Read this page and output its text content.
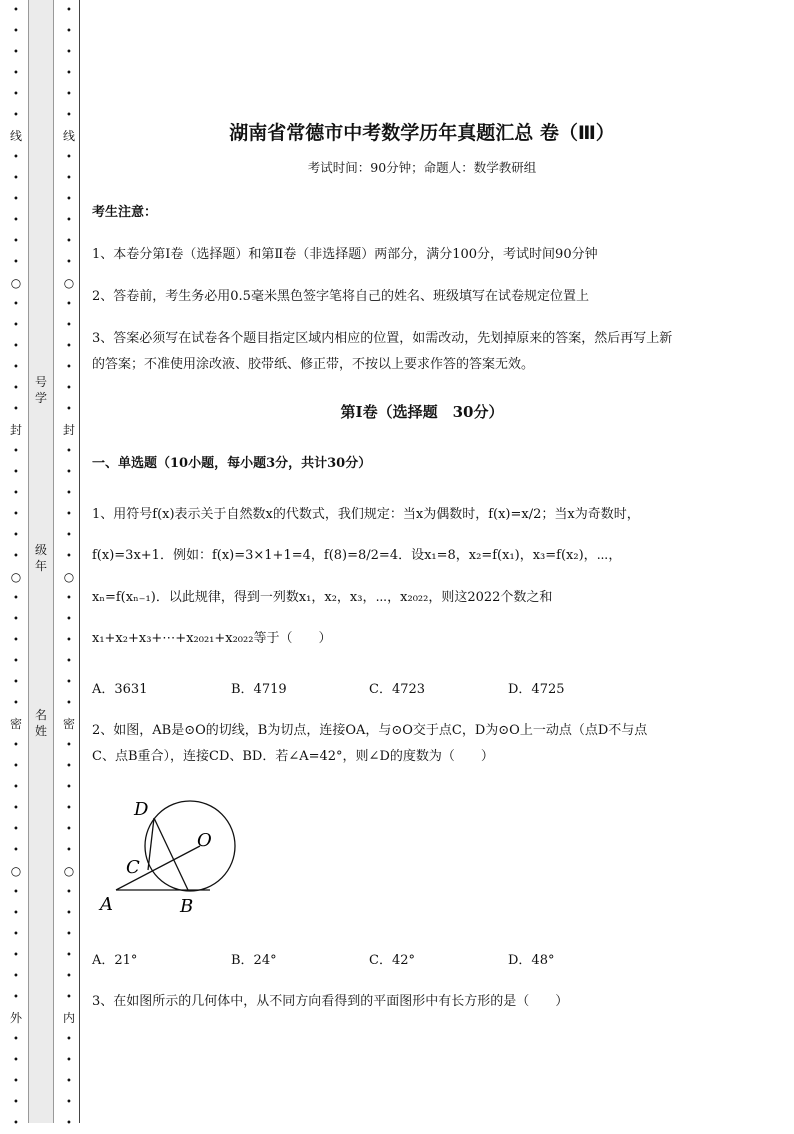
•
•
•
•
•
•
线
•
•
•
•
•
•
○
•
•
•
•
•
•
封
•
•
•
•
•
•
○
•
•
•
•
•
•
密
•
•
•
•
•
•
○
•
•
•
•
•
•
外
•
•
•
•
•
•
•
•
•
•
•
线
•
•
•
•
•
•
○
•
•
•
•
•
•
封
•
•
•
•
•
•
○
•
•
•
•
•
•
密
•
•
•
•
•
•
○
•
•
•
•
•
•
内
•
•
•
•
•
号学
级年
名姓
湖南省常德市中考数学历年真题汇总 卷（Ⅲ）
考试时间：90分钟；命题人：数学教研组
考生注意：
1、本卷分第Ⅰ卷（选择题）和第Ⅱ卷（非选择题）两部分，满分100分，考试时间90分钟
2、答卷前，考生务必用0.5毫米黑色签字笔将自己的姓名、班级填写在试卷规定位置上
3、答案必须写在试卷各个题目指定区域内相应的位置，如需改动，先划掉原来的答案，然后再写上新
的答案；不准使用涂改液、胶带纸、修正带，不按以上要求作答的答案无效。
第Ⅰ卷（选择题　30分）
一、单选题（10小题，每小题3分，共计30分）
1、用符号f(x)表示关于自然数x的代数式，我们规定：当x为偶数时，f(x)=x/2；当x为奇数时，
f(x)=3x+1．例如：f(x)=3×1+1=4，f(8)=8/2=4．设x₁=8，x₂=f(x₁)，x₃=f(x₂)，⋯，
xₙ=f(xₙ₋₁)．以此规律，得到一列数x₁，x₂，x₃，⋯，x₂₀₂₂，则这2022个数之和
x₁+x₂+x₃+⋯+x₂₀₂₁+x₂₀₂₂等于（　　）
A．3631	B．4719	C．4723	D．4725
2、如图，AB是⊙O的切线，B为切点，连接OA，与⊙O交于点C，D为⊙O上一动点（点D不与点
C、点B重合），连接CD、BD．若∠A=42°，则∠D的度数为（　　）
D
O
C
A	B
A．21°	B．24°	C．42°	D．48°
3、在如图所示的几何体中，从不同方向看得到的平面图形中有长方形的是（　　）
